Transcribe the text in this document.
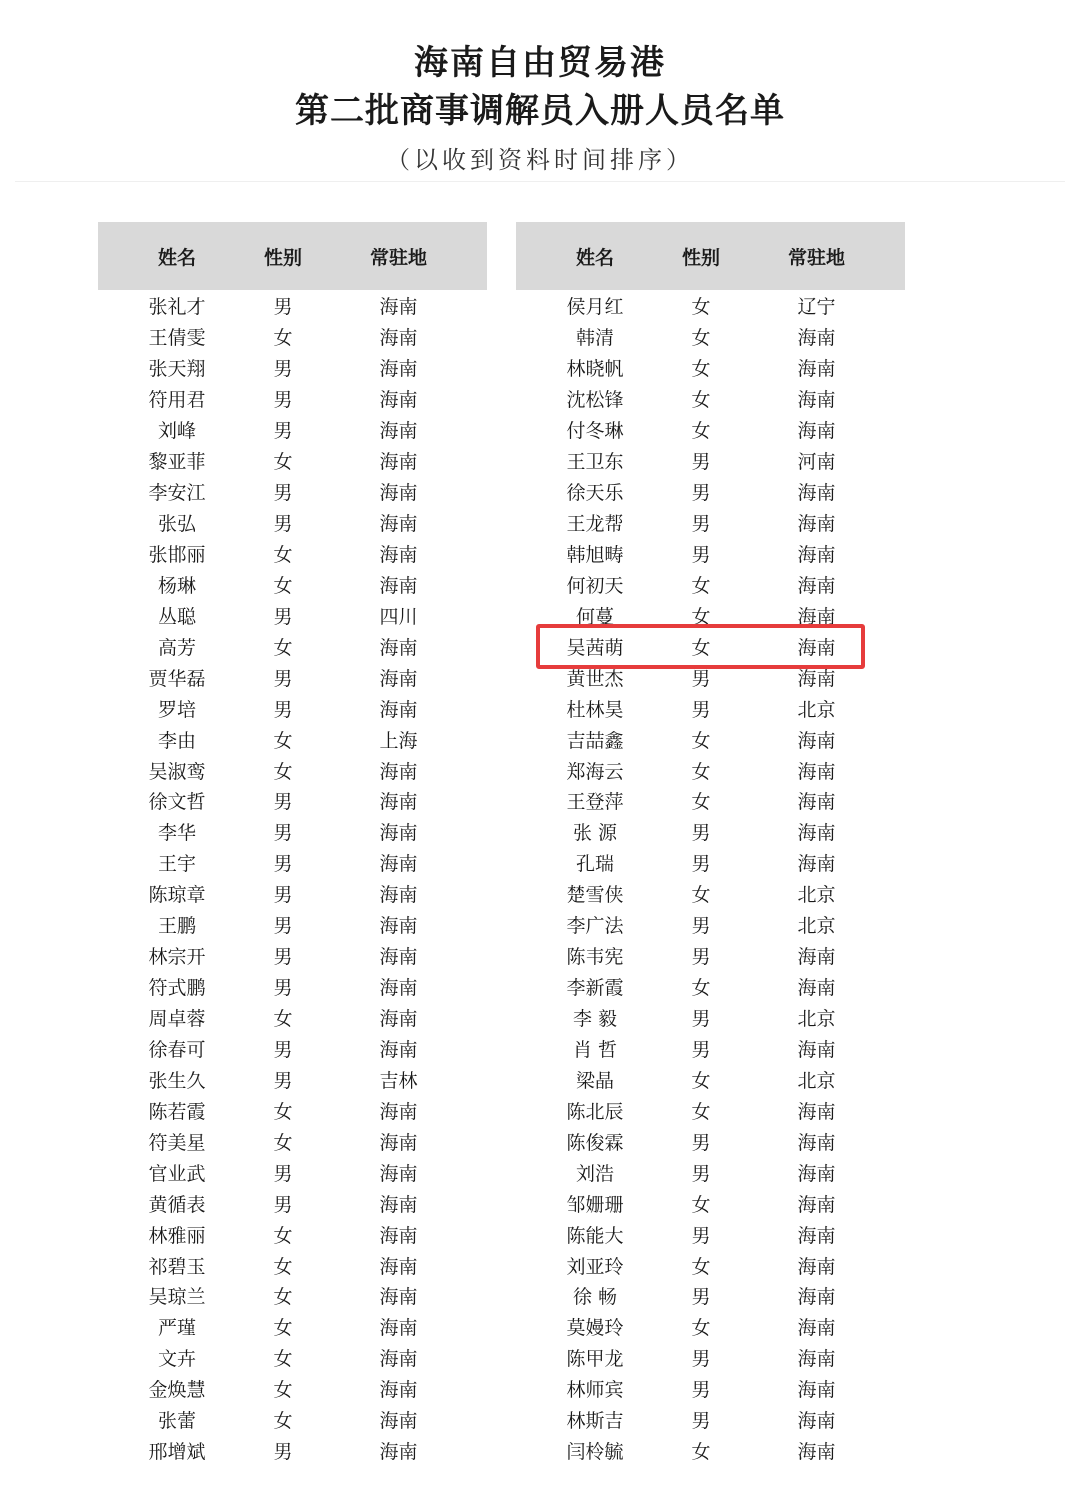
海南自由贸易港
第二批商事调解员入册人员名单
（以收到资料时间排序）
姓名	性别	常驻地
张礼才	男	海南
王倩雯	女	海南
张天翔	男	海南
符用君	男	海南
刘峰	男	海南
黎亚菲	女	海南
李安江	男	海南
张弘	男	海南
张邯丽	女	海南
杨琳	女	海南
丛聪	男	四川
高芳	女	海南
贾华磊	男	海南
罗培	男	海南
李由	女	上海
吴淑鸾	女	海南
徐文哲	男	海南
李华	男	海南
王宇	男	海南
陈琼章	男	海南
王鹏	男	海南
林宗开	男	海南
符式鹏	男	海南
周卓蓉	女	海南
徐春可	男	海南
张生久	男	吉林
陈若霞	女	海南
符美星	女	海南
官业武	男	海南
黄循表	男	海南
林雅丽	女	海南
祁碧玉	女	海南
吴琼兰	女	海南
严瑾	女	海南
文卉	女	海南
金焕慧	女	海南
张蕾	女	海南
邢增斌	男	海南
姓名	性别	常驻地
侯月红	女	辽宁
韩清	女	海南
林晓帆	女	海南
沈松锋	女	海南
付冬琳	女	海南
王卫东	男	河南
徐天乐	男	海南
王龙帮	男	海南
韩旭畴	男	海南
何初天	女	海南
何蔓	女	海南
吴茜萌	女	海南
黄世杰	男	海南
杜林昊	男	北京
吉喆鑫	女	海南
郑海云	女	海南
王登萍	女	海南
张 源	男	海南
孔瑞	男	海南
楚雪侠	女	北京
李广法	男	北京
陈韦宪	男	海南
李新霞	女	海南
李 毅	男	北京
肖 哲	男	海南
梁晶	女	北京
陈北辰	女	海南
陈俊霖	男	海南
刘浩	男	海南
邹姗珊	女	海南
陈能大	男	海南
刘亚玲	女	海南
徐 畅	男	海南
莫嫚玲	女	海南
陈甲龙	男	海南
林师宾	男	海南
林斯吉	男	海南
闫柃毓	女	海南
